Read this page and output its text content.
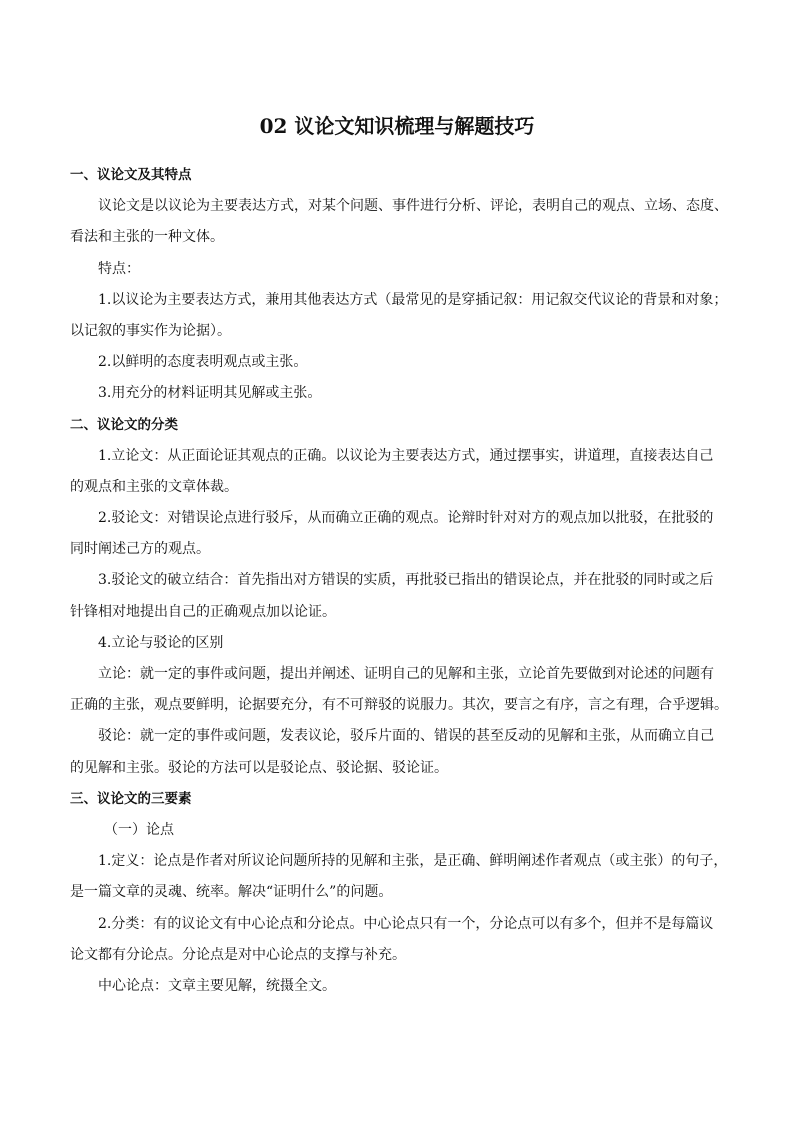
02 议论文知识梳理与解题技巧
一、议论文及其特点
议论文是以议论为主要表达方式，对某个问题、事件进行分析、评论，表明自己的观点、立场、态度、
看法和主张的一种文体。
特点：
1.以议论为主要表达方式，兼用其他表达方式（最常见的是穿插记叙：用记叙交代议论的背景和对象；
以记叙的事实作为论据）。
2.以鲜明的态度表明观点或主张。
3.用充分的材料证明其见解或主张。
二、议论文的分类
1.立论文：从正面论证其观点的正确。以议论为主要表达方式，通过摆事实，讲道理，直接表达自己
的观点和主张的文章体裁。
2.驳论文：对错误论点进行驳斥，从而确立正确的观点。论辩时针对对方的观点加以批驳，在批驳的
同时阐述己方的观点。
3.驳论文的破立结合：首先指出对方错误的实质，再批驳已指出的错误论点，并在批驳的同时或之后
针锋相对地提出自己的正确观点加以论证。
4.立论与驳论的区别
立论：就一定的事件或问题，提出并阐述、证明自己的见解和主张，立论首先要做到对论述的问题有
正确的主张，观点要鲜明，论据要充分，有不可辩驳的说服力。其次，要言之有序，言之有理，合乎逻辑。
驳论：就一定的事件或问题，发表议论，驳斥片面的、错误的甚至反动的见解和主张，从而确立自己
的见解和主张。驳论的方法可以是驳论点、驳论据、驳论证。
三、议论文的三要素
（一）论点
1.定义：论点是作者对所议论问题所持的见解和主张，是正确、鲜明阐述作者观点（或主张）的句子，
是一篇文章的灵魂、统率。解决“证明什么”的问题。
2.分类：有的议论文有中心论点和分论点。中心论点只有一个，分论点可以有多个，但并不是每篇议
论文都有分论点。分论点是对中心论点的支撑与补充。
中心论点：文章主要见解，统摄全文。
